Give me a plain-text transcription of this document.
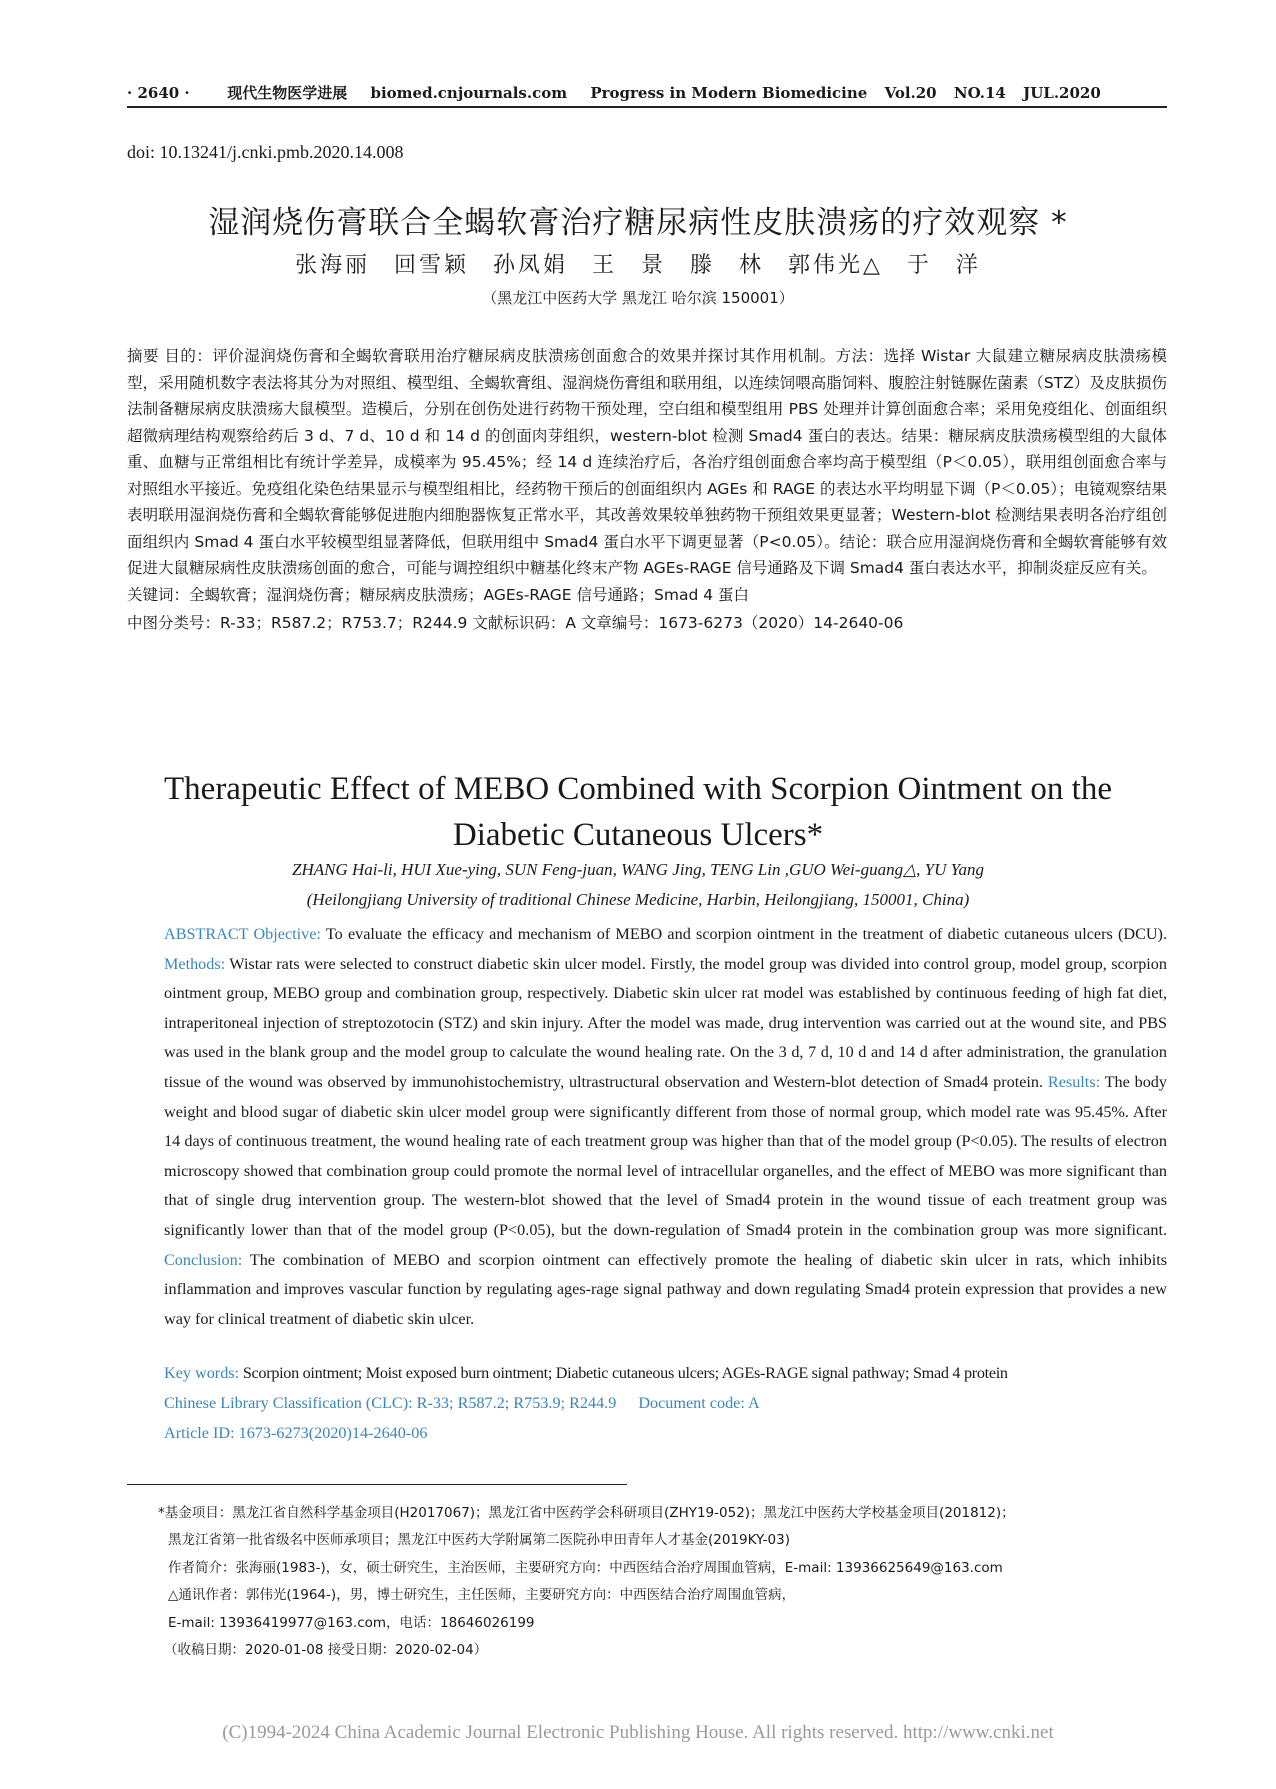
· 2640 ·	现代生物医学进展 biomed.cnjournals.com Progress in Modern Biomedicine Vol.20 NO.14 JUL.2020
doi: 10.13241/j.cnki.pmb.2020.14.008
湿润烧伤膏联合全蝎软膏治疗糖尿病性皮肤溃疡的疗效观察 *
张海丽 回雪颖 孙凤娟 王 景 滕 林 郭伟光△ 于 洋
（黑龙江中医药大学 黑龙江 哈尔滨 150001）

摘要 目的：评价湿润烧伤膏和全蝎软膏联用治疗糖尿病皮肤溃疡创面愈合的效果并探讨其作用机制。方法：选择 Wistar 大鼠建立糖尿病皮肤溃疡模型，采用随机数字表法将其分为对照组、模型组、全蝎软膏组、湿润烧伤膏组和联用组，以连续饲喂高脂饲料、腹腔注射链脲佐菌素（STZ）及皮肤损伤法制备糖尿病皮肤溃疡大鼠模型。造模后，分别在创伤处进行药物干预处理，空白组和模型组用 PBS 处理并计算创面愈合率；采用免疫组化、创面组织超微病理结构观察给药后 3 d、7 d、10 d 和 14 d 的创面肉芽组织，western-blot 检测 Smad4 蛋白的表达。结果：糖尿病皮肤溃疡模型组的大鼠体重、血糖与正常组相比有统计学差异，成模率为 95.45%；经 14 d 连续治疗后，各治疗组创面愈合率均高于模型组（P＜0.05），联用组创面愈合率与对照组水平接近。免疫组化染色结果显示与模型组相比，经药物干预后的创面组织内 AGEs 和 RAGE 的表达水平均明显下调（P＜0.05）；电镜观察结果表明联用湿润烧伤膏和全蝎软膏能够促进胞内细胞器恢复正常水平，其改善效果较单独药物干预组效果更显著；Western-blot 检测结果表明各治疗组创面组织内 Smad 4 蛋白水平较模型组显著降低，但联用组中 Smad4 蛋白水平下调更显著（P<0.05）。结论：联合应用湿润烧伤膏和全蝎软膏能够有效促进大鼠糖尿病性皮肤溃疡创面的愈合，可能与调控组织中糖基化终末产物 AGEs-RAGE 信号通路及下调 Smad4 蛋白表达水平，抑制炎症反应有关。

关键词：全蝎软膏；湿润烧伤膏；糖尿病皮肤溃疡；AGEs-RAGE 信号通路；Smad 4 蛋白

中图分类号：R-33；R587.2；R753.7；R244.9 文献标识码：A 文章编号：1673-6273（2020）14-2640-06

Therapeutic Effect of MEBO Combined with Scorpion Ointment on the
Diabetic Cutaneous Ulcers*
ZHANG Hai-li, HUI Xue-ying, SUN Feng-juan, WANG Jing, TENG Lin ,GUO Wei-guang△, YU Yang
(Heilongjiang University of traditional Chinese Medicine, Harbin, Heilongjiang, 150001, China)

ABSTRACT Objective: To evaluate the efficacy and mechanism of MEBO and scorpion ointment in the treatment of diabetic cutaneous ulcers (DCU). Methods: Wistar rats were selected to construct diabetic skin ulcer model. Firstly, the model group was divided into control group, model group, scorpion ointment group, MEBO group and combination group, respectively. Diabetic skin ulcer rat model was established by continuous feeding of high fat diet, intraperitoneal injection of streptozotocin (STZ) and skin injury. After the model was made, drug intervention was carried out at the wound site, and PBS was used in the blank group and the model group to calculate the wound healing rate. On the 3 d, 7 d, 10 d and 14 d after administration, the granulation tissue of the wound was observed by immunohistochemistry, ultrastructural observation and Western-blot detection of Smad4 protein. Results: The body weight and blood sugar of diabetic skin ulcer model group were significantly different from those of normal group, which model rate was 95.45%. After 14 days of continuous treatment, the wound healing rate of each treatment group was higher than that of the model group (P<0.05). The results of electron microscopy showed that combination group could promote the normal level of intracellular organelles, and the effect of MEBO was more significant than that of single drug intervention group. The western-blot showed that the level of Smad4 protein in the wound tissue of each treatment group was significantly lower than that of the model group (P<0.05), but the down-regulation of Smad4 protein in the combination group was more significant. Conclusion: The combination of MEBO and scorpion ointment can effectively promote the healing of diabetic skin ulcer in rats, which inhibits inflammation and improves vascular function by regulating ages-rage signal pathway and down regulating Smad4 protein expression that provides a new way for clinical treatment of diabetic skin ulcer.

Key words: Scorpion ointment; Moist exposed burn ointment; Diabetic cutaneous ulcers; AGEs-RAGE signal pathway; Smad 4 protein
Chinese Library Classification (CLC): R-33; R587.2; R753.9; R244.9 Document code: A
Article ID: 1673-6273(2020)14-2640-06

*基金项目：黑龙江省自然科学基金项目(H2017067)；黑龙江省中医药学会科研项目(ZHY19-052)；黑龙江中医药大学校基金项目(201812)；

黑龙江省第一批省级名中医师承项目；黑龙江中医药大学附属第二医院孙申田青年人才基金(2019KY-03)

作者简介：张海丽(1983-)，女，硕士研究生，主治医师，主要研究方向：中西医结合治疗周围血管病，E-mail: 13936625649@163.com

△通讯作者：郭伟光(1964-)，男，博士研究生，主任医师，主要研究方向：中西医结合治疗周围血管病，

E-mail: 13936419977@163.com，电话：18646026199

（收稿日期：2020-01-08 接受日期：2020-02-04）

(C)1994-2024 China Academic Journal Electronic Publishing House. All rights reserved. http://www.cnki.net
